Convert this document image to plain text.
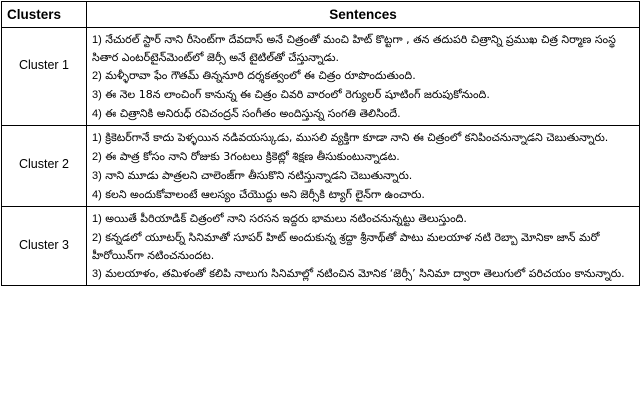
Clusters	Sentences
Cluster 1	1) నేచురల్ స్టార్ నాని రీసెంట్‌గా దేవదాస్ అనే చిత్రంతో మంచి హిట్ కొట్టగా , తన తదుపరి చిత్రాన్ని ప్రముఖ చిత్ర నిర్మాణ సంస్థ సితార ఎంటర్‌టైన్‌మెంట్‌లో జెర్సీ అనే టైటిల్‌తో చేస్తున్నాడు.
2) మళ్ళీరావా ఫేం గౌతమ్ తిన్ననూరి దర్శకత్వంలో ఈ చిత్రం రూపొందుతుంది.
3) ఈ నెల 18న లాంచింగ్ కానున్న ఈ చిత్రం చివరి వారంలో రెగ్యులర్ షూటింగ్ జరుపుకోనుంది.
4) ఈ చిత్రానికి అనిరుధ్ రవిచంద్రన్ సంగీతం అందిస్తున్న సంగతి తెలిసిందే.

Cluster 2	1) క్రికెటర్‌గానే కాదు పెళ్ళయిన నడివయస్కుడు, ముసలి వ్యక్తిగా కూడా నాని ఈ చిత్రంలో కనిపించనున్నాడని చెబుతున్నారు.
2) ఈ పాత్ర కోసం నాని రోజుకు 3గంటలు క్రికెట్లో శిక్షణ తీసుకుంటున్నాడట.
3) నాని మూడు పాత్రలని చాలెంజ్‌గా తీసుకొని నటిస్తున్నాడని చెబుతున్నారు.
4) కలని అందుకోవాలంటే ఆలస్యం చేయొద్దు అని జెర్సీకి ట్యాగ్ లైన్‌గా ఉంచారు.

Cluster 3	1) అయితే పీరియాడిక్ చిత్రంలో నాని సరసన ఇద్దరు భామలు నటించనున్నట్టు తెలుస్తుంది.
2) కన్నడలో యూటర్న్ సినిమాతో సూపర్ హిట్ అందుకున్న శ్రద్దా శ్రీనాథ్‌తో పాటు మలయాళ నటి రెబ్బా మోనికా జాన్ మరో హీరోయిన్‌గా నటించనుందట.
3) మలయాళం, తమిళంతో కలిపి నాలుగు సినిమాల్లో నటించిన మోనిక ‘జెర్సీ’ సినిమా ద్వారా తెలుగులో పరిచయం కానున్నారు.
